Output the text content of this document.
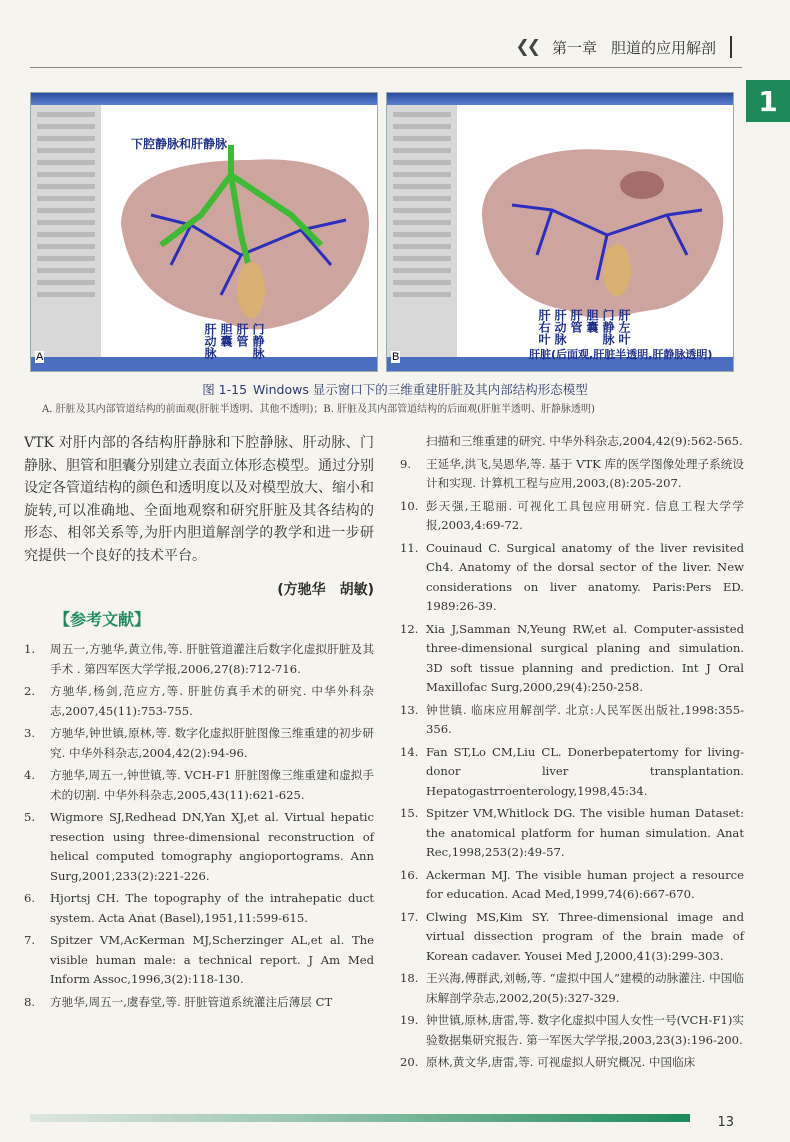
❮❮ 第一章 胆道的应用解剖
1
A
下腔静脉和肝静脉
肝动脉 胆囊 肝管 门静脉	B
肝右叶 肝动脉 肝管 胆囊 门静脉 肝左叶
肝脏(后面观,肝脏半透明,肝静脉透明)
图 1-15 Windows 显示窗口下的三维重建肝脏及其内部结构形态模型
A. 肝脏及其内部管道结构的前面观(肝脏半透明、其他不透明)；B. 肝脏及其内部管道结构的后面观(肝脏半透明、肝静脉透明)

VTK 对肝内部的各结构肝静脉和下腔静脉、肝动脉、门静脉、胆管和胆囊分别建立表面立体形态模型。通过分别设定各管道结构的颜色和透明度以及对模型放大、缩小和旋转,可以准确地、全面地观察和研究肝脏及其各结构的形态、相邻关系等,为肝内胆道解剖学的教学和进一步研究提供一个良好的技术平台。

(方驰华　胡敏)
【参考文献】
1.	周五一,方驰华,黄立伟,等. 肝脏管道灌注后数字化虚拟肝脏及其手术 . 第四军医大学学报,2006,27(8):712-716.
2.	方驰华,杨剑,范应方,等. 肝脏仿真手术的研究. 中华外科杂志,2007,45(11):753-755.
3.	方驰华,钟世镇,原林,等. 数字化虚拟肝脏图像三维重建的初步研究. 中华外科杂志,2004,42(2):94-96.
4.	方驰华,周五一,钟世镇,等. VCH-F1 肝脏图像三维重建和虚拟手术的切割. 中华外科杂志,2005,43(11):621-625.
5.	Wigmore SJ,Redhead DN,Yan XJ,et al. Virtual hepatic resection using three-dimensional reconstruction of helical computed tomography angioportograms. Ann Surg,2001,233(2):221-226.
6.	Hjortsj CH. The topography of the intrahepatic duct system. Acta Anat (Basel),1951,11:599-615.
7.	Spitzer VM,AcKerman MJ,Scherzinger AL,et al. The visible human male: a technical report. J Am Med Inform Assoc,1996,3(2):118-130.
8.	方驰华,周五一,虞春堂,等. 肝脏管道系统灌注后薄层 CT
扫描和三维重建的研究. 中华外科杂志,2004,42(9):562-565.
9.	王延华,洪飞,吴恩华,等. 基于 VTK 库的医学图像处理子系统设计和实现. 计算机工程与应用,2003,(8):205-207.
10. 彭天强,王聪丽. 可视化工具包应用研究. 信息工程大学学报,2003,4:69-72.
11. Couinaud C. Surgical anatomy of the liver revisited Ch4. Anatomy of the dorsal sector of the liver. New considerations on liver anatomy. Paris:Pers ED. 1989:26-39.
12. Xia J,Samman N,Yeung RW,et al. Computer-assisted three-dimensional surgical planing and simulation. 3D soft tissue planning and prediction. Int J Oral Maxillofac Surg,2000,29(4):250-258.
13. 钟世镇. 临床应用解剖学. 北京:人民军医出版社,1998:355-356.
14. Fan ST,Lo CM,Liu CL. Donerbepatertomy for living-donor liver transplantation. Hepatogastrroenterology,1998,45:34.
15. Spitzer VM,Whitlock DG. The visible human Dataset: the anatomical platform for human simulation. Anat Rec,1998,253(2):49-57.
16. Ackerman MJ. The visible human project a resource for education. Acad Med,1999,74(6):667-670.
17. Clwing MS,Kim SY. Three-dimensional image and virtual dissection program of the brain made of Korean cadaver. Yousei Med J,2000,41(3):299-303.
18. 王兴海,傅群武,刘畅,等. “虚拟中国人”建模的动脉灌注. 中国临床解剖学杂志,2002,20(5):327-329.
19. 钟世镇,原林,唐雷,等. 数字化虚拟中国人女性一号(VCH-F1)实验数据集研究报告. 第一军医大学学报,2003,23(3):196-200.
20. 原林,黄文华,唐雷,等. 可视虚拟人研究概况. 中国临床
13
